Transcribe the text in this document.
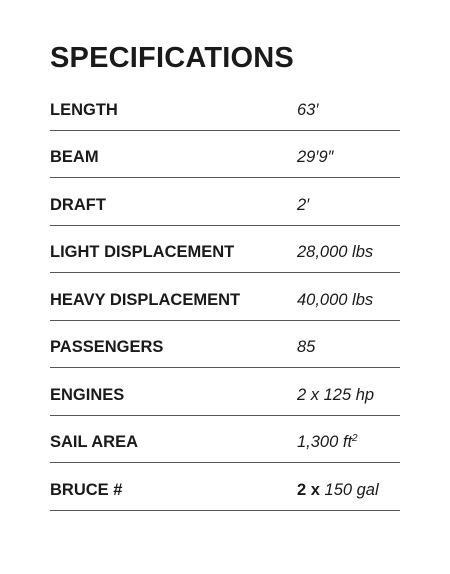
SPECIFICATIONS
LENGTH	63′
BEAM	29′9″
DRAFT	2′
LIGHT DISPLACEMENT	28,000 lbs
HEAVY DISPLACEMENT	40,000 lbs
PASSENGERS	85
ENGINES	2 x 125 hp
SAIL AREA	1,300 $ft^2$
BRUCE #	2 x 150 gal
